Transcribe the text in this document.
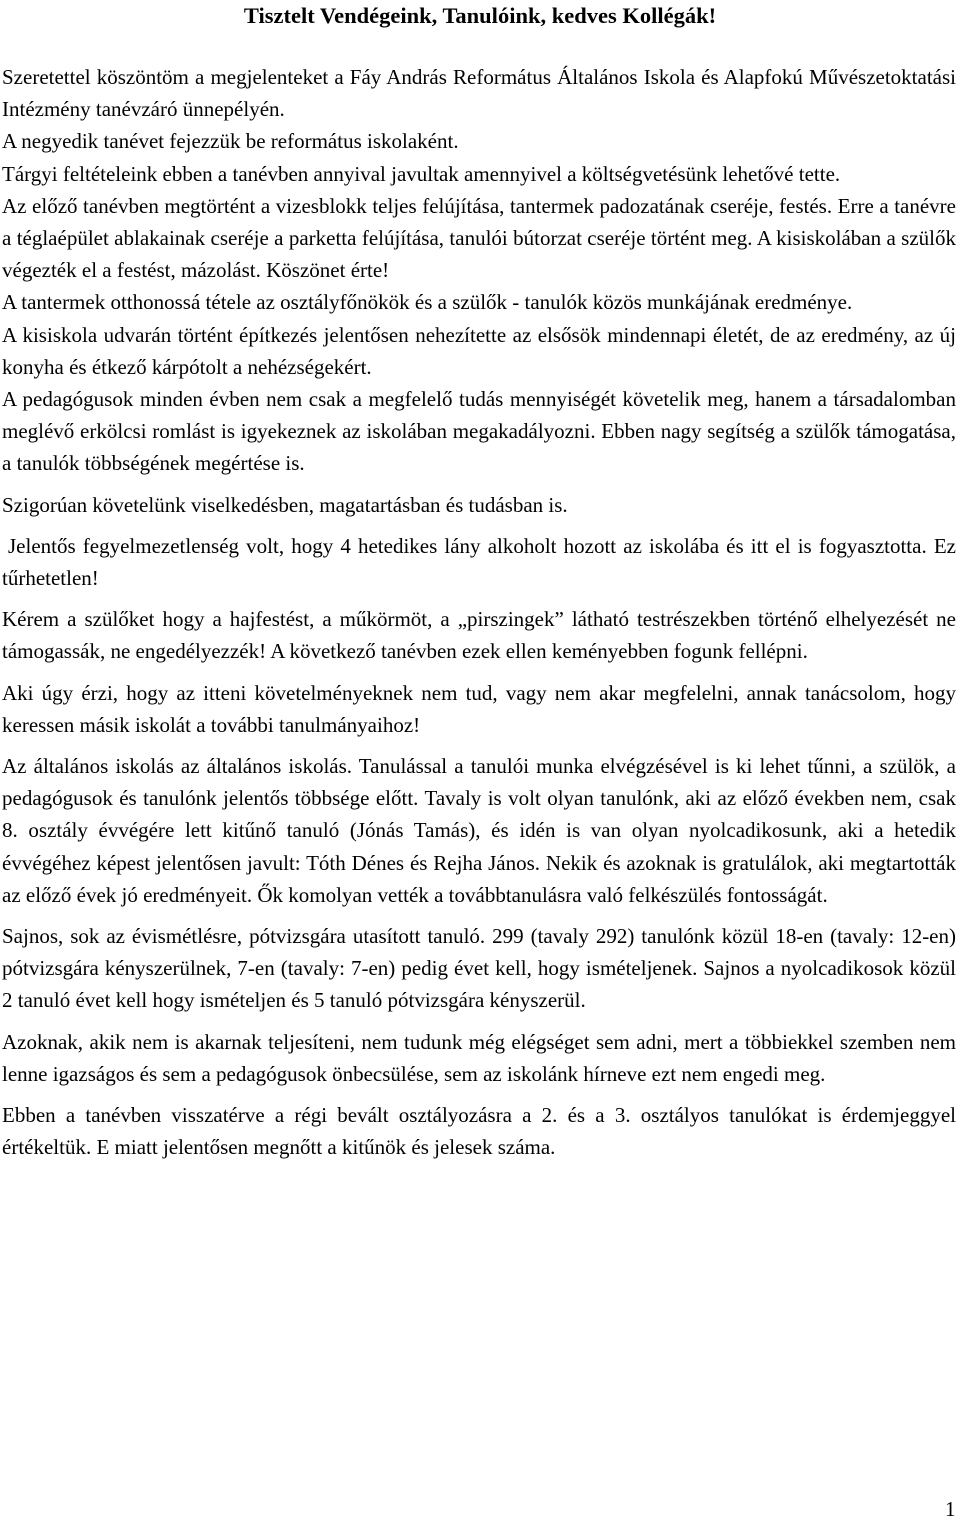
Tisztelt Vendégeink, Tanulóink, kedves Kollégák!

Szeretettel köszöntöm a megjelenteket a Fáy András Református Általános Iskola és Alapfokú Művészetoktatási Intézmény tanévzáró ünnepélyén.

A negyedik tanévet fejezzük be református iskolaként.

Tárgyi feltételeink ebben a tanévben annyival javultak amennyivel a költségvetésünk lehetővé tette.

Az előző tanévben megtörtént a vizesblokk teljes felújítása, tantermek padozatának cseréje, festés. Erre a tanévre a téglaépület ablakainak cseréje a parketta felújítása, tanulói bútorzat cseréje történt meg. A kisiskolában a szülők végezték el a festést, mázolást. Köszönet érte!

A tantermek otthonossá tétele az osztályfőnökök és a szülők - tanulók közös munkájának eredménye.

A kisiskola udvarán történt építkezés jelentősen nehezítette az elsősök mindennapi életét, de az eredmény, az új konyha és étkező kárpótolt a nehézségekért.

A pedagógusok minden évben nem csak a megfelelő tudás mennyiségét követelik meg, hanem a társadalomban meglévő erkölcsi romlást is igyekeznek az iskolában megakadályozni. Ebben nagy segítség a szülők támogatása, a tanulók többségének megértése is.

Szigorúan követelünk viselkedésben, magatartásban és tudásban is.

Jelentős fegyelmezetlenség volt, hogy 4 hetedikes lány alkoholt hozott az iskolába és itt el is fogyasztotta. Ez tűrhetetlen!

Kérem a szülőket hogy a hajfestést, a műkörmöt, a „pirszingek” látható testrészekben történő elhelyezését ne támogassák, ne engedélyezzék! A következő tanévben ezek ellen keményebben fogunk fellépni.

Aki úgy érzi, hogy az itteni követelményeknek nem tud, vagy nem akar megfelelni, annak tanácsolom, hogy keressen másik iskolát a további tanulmányaihoz!

Az általános iskolás az általános iskolás. Tanulással a tanulói munka elvégzésével is ki lehet tűnni, a szülök, a pedagógusok és tanulónk jelentős többsége előtt. Tavaly is volt olyan tanulónk, aki az előző években nem, csak 8. osztály évvégére lett kitűnő tanuló (Jónás Tamás), és idén is van olyan nyolcadikosunk, aki a hetedik évvégéhez képest jelentősen javult: Tóth Dénes és Rejha János. Nekik és azoknak is gratulálok, aki megtartották az előző évek jó eredményeit. Ők komolyan vették a továbbtanulásra való felkészülés fontosságát.

Sajnos, sok az évismétlésre, pótvizsgára utasított tanuló. 299 (tavaly 292) tanulónk közül 18-en (tavaly: 12-en) pótvizsgára kényszerülnek, 7-en (tavaly: 7-en) pedig évet kell, hogy ismételjenek. Sajnos a nyolcadikosok közül 2 tanuló évet kell hogy ismételjen és 5 tanuló pótvizsgára kényszerül.

Azoknak, akik nem is akarnak teljesíteni, nem tudunk még elégséget sem adni, mert a többiekkel szemben nem lenne igazságos és sem a pedagógusok önbecsülése, sem az iskolánk hírneve ezt nem engedi meg.

Ebben a tanévben visszatérve a régi bevált osztályozásra a 2. és a 3. osztályos tanulókat is érdemjeggyel értékeltük. E miatt jelentősen megnőtt a kitűnök és jelesek száma.

1
